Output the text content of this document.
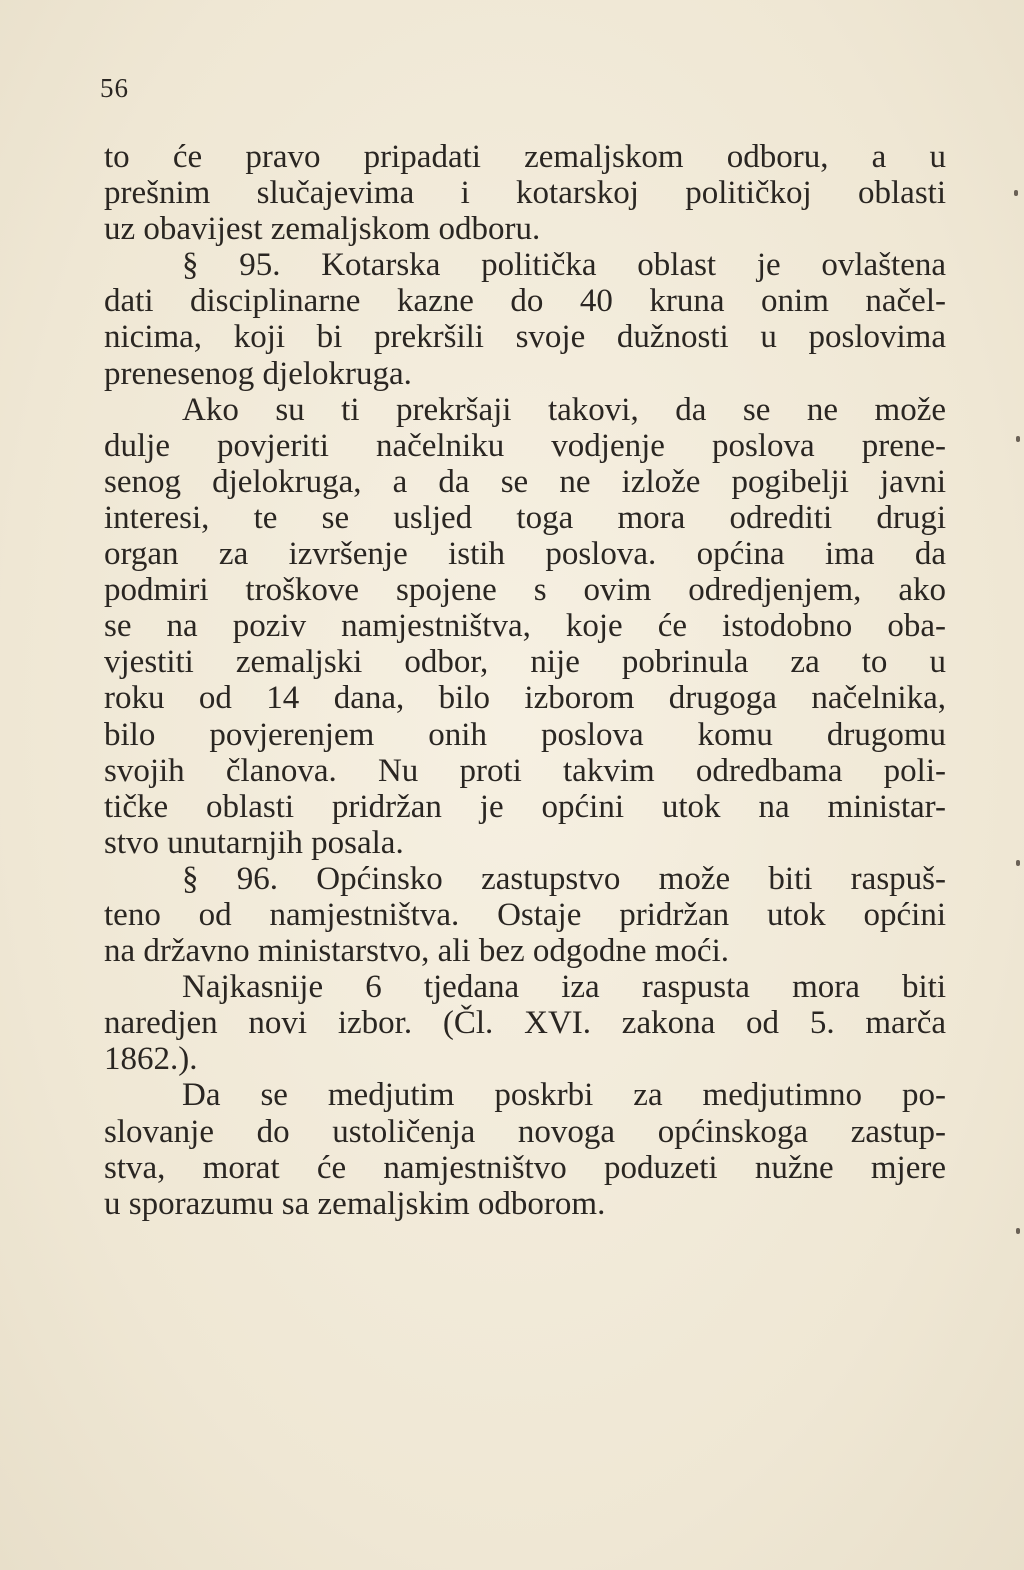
56
to će pravo pripadati zemaljskom odboru, a u
prešnim slučajevima i kotarskoj političkoj oblasti
uz obavijest zemaljskom odboru.
§ 95. Kotarska politička oblast je ovlaštena
dati disciplinarne kazne do 40 kruna onim načel-
nicima, koji bi prekršili svoje dužnosti u poslovima
prenesenog djelokruga.
Ako su ti prekršaji takovi, da se ne može
dulje povjeriti načelniku vodjenje poslova prene-
senog djelokruga, a da se ne izlože pogibelji javni
interesi, te se usljed toga mora odrediti drugi
organ za izvršenje istih poslova. općina ima da
podmiri troškove spojene s ovim odredjenjem, ako
se na poziv namjestništva, koje će istodobno oba-
vjestiti zemaljski odbor, nije pobrinula za to u
roku od 14 dana, bilo izborom drugoga načelnika,
bilo povjerenjem onih poslova komu drugomu
svojih članova. Nu proti takvim odredbama poli-
tičke oblasti pridržan je općini utok na ministar-
stvo unutarnjih posala.
§ 96. Općinsko zastupstvo može biti raspuš-
teno od namjestništva. Ostaje pridržan utok općini
na državno ministarstvo, ali bez odgodne moći.
Najkasnije 6 tjedana iza raspusta mora biti
naredjen novi izbor. (Čl. XVI. zakona od 5. marča
1862.).
Da se medjutim poskrbi za medjutimno po-
slovanje do ustoličenja novoga općinskoga zastup-
stva, morat će namjestništvo poduzeti nužne mjere
u sporazumu sa zemaljskim odborom.
